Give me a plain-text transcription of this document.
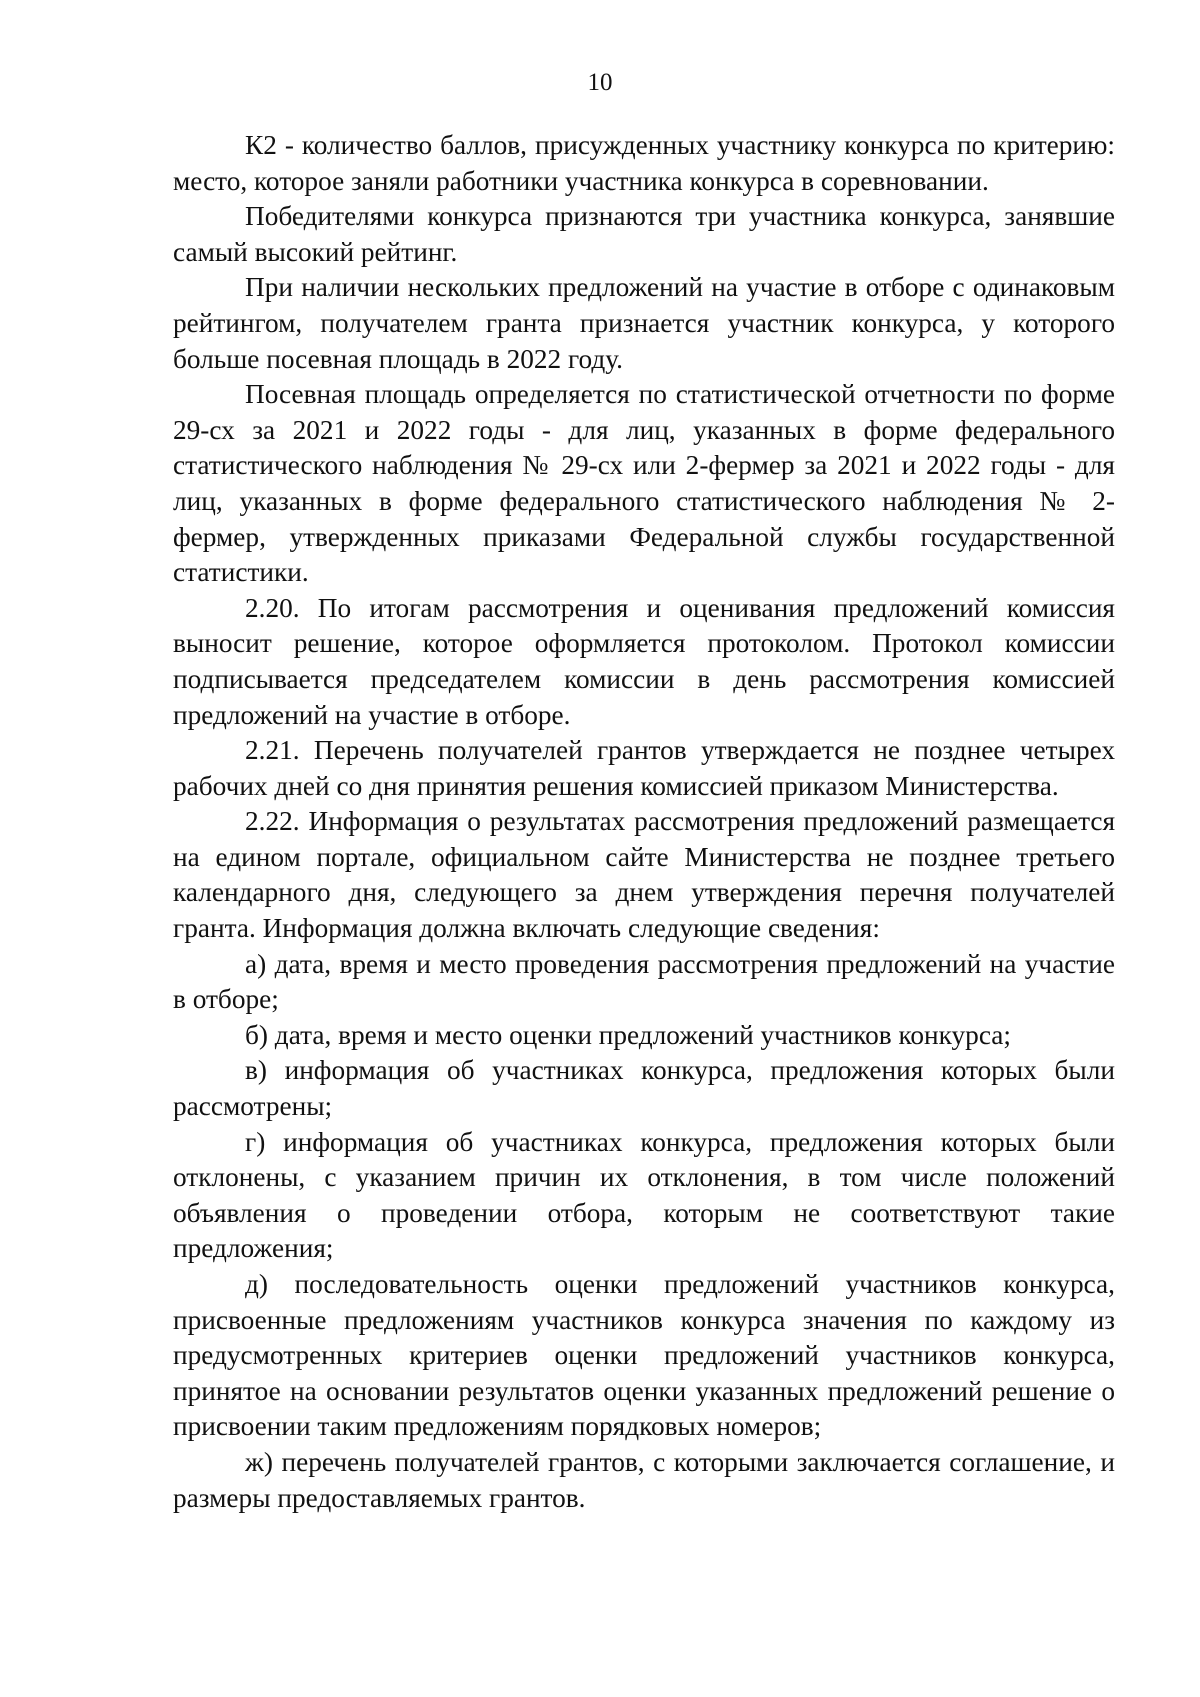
10

К2 - количество баллов, присужденных участнику конкурса по критерию: место, которое заняли работники участника конкурса в соревновании.

Победителями конкурса признаются три участника конкурса, занявшие самый высокий рейтинг.

При наличии нескольких предложений на участие в отборе с одинаковым рейтингом, получателем гранта признается участник конкурса, у которого больше посевная площадь в 2022 году.

Посевная площадь определяется по статистической отчетности по форме 29-сх за 2021 и 2022 годы - для лиц, указанных в форме федерального статистического наблюдения № 29-сх или 2-фермер за 2021 и 2022 годы - для лиц, указанных в форме федерального статистического наблюдения № 2-фермер, утвержденных приказами Федеральной службы государственной статистики.

2.20. По итогам рассмотрения и оценивания предложений комиссия выносит решение, которое оформляется протоколом. Протокол комиссии подписывается председателем комиссии в день рассмотрения комиссией предложений на участие в отборе.

2.21. Перечень получателей грантов утверждается не позднее четырех рабочих дней со дня принятия решения комиссией приказом Министерства.

2.22. Информация о результатах рассмотрения предложений размещается на едином портале, официальном сайте Министерства не позднее третьего календарного дня, следующего за днем утверждения перечня получателей гранта. Информация должна включать следующие сведения:

а) дата, время и место проведения рассмотрения предложений на участие в отборе;

б) дата, время и место оценки предложений участников конкурса;

в) информация об участниках конкурса, предложения которых были рассмотрены;

г) информация об участниках конкурса, предложения которых были отклонены, с указанием причин их отклонения, в том числе положений объявления о проведении отбора, которым не соответствуют такие предложения;

д) последовательность оценки предложений участников конкурса, присвоенные предложениям участников конкурса значения по каждому из предусмотренных критериев оценки предложений участников конкурса, принятое на основании результатов оценки указанных предложений решение о присвоении таким предложениям порядковых номеров;

ж) перечень получателей грантов, с которыми заключается соглашение, и размеры предоставляемых грантов.
